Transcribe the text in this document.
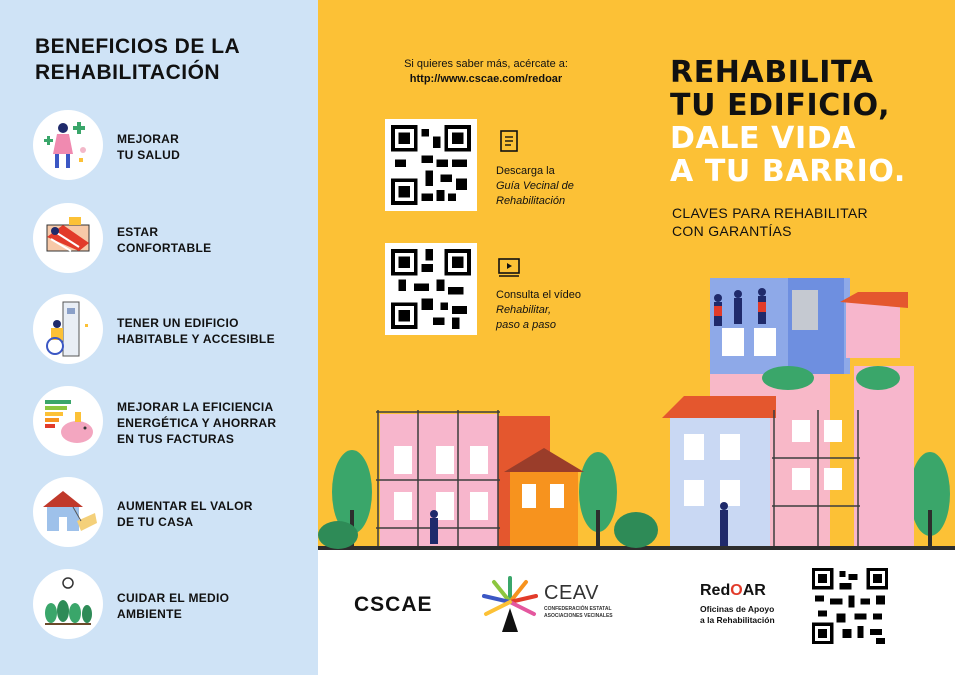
BENEFICIOS DE LA
REHABILITACIÓN
MEJORAR
TU SALUD
ESTAR
CONFORTABLE
TENER UN EDIFICIO
HABITABLE Y ACCESIBLE
MEJORAR LA EFICIENCIA
ENERGÉTICA Y AHORRAR
EN TUS FACTURAS
AUMENTAR EL VALOR
DE TU CASA
CUIDAR EL MEDIO
AMBIENTE
Si quieres saber más, acércate a:
http://www.cscae.com/redoar
Descarga la
Guía Vecinal de
Rehabilitación
Consulta el vídeo
Rehabilitar,
paso a paso
REHABILITA
TU EDIFICIO,
DALE VIDA
A TU BARRIO.
CLAVES PARA REHABILITAR
CON GARANTÍAS
CSCAE	CEAV
CONFEDERACIÓN ESTATAL
ASOCIACIONES VECINALES
RedOAR
Oficinas de Apoyo
a la Rehabilitación
